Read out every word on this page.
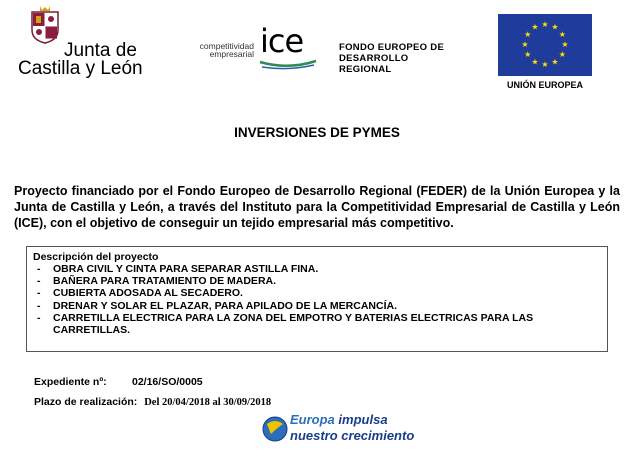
Junta de
Castilla y León
competitividad
empresarial ice	FONDO EUROPEO DE
DESARROLLO
REGIONAL
★ ★
★
★
★
★
★
★
★
★
★
★
UNIÓN EUROPEA
INVERSIONES DE PYMES
Proyecto financiado por el Fondo Europeo de Desarrollo Regional (FEDER) de la Unión Europea y la Junta de Castilla y León, a través del Instituto para la Competitividad Empresarial de Castilla y León (ICE), con el objetivo de conseguir un tejido empresarial más competitivo.
Descripción del proyecto
- OBRA CIVIL Y CINTA PARA SEPARAR ASTILLA FINA.
- BAÑERA PARA TRATAMIENTO DE MADERA.
- CUBIERTA ADOSADA AL SECADERO.
- DRENAR Y SOLAR EL PLAZAR, PARA APILADO DE LA MERCANCÍA.
- CARRETILLA ELECTRICA PARA LA ZONA DEL EMPOTRO Y BATERIAS ELECTRICAS PARA LAS CARRETILLAS.
Expediente nº: 02/16/SO/0005
Plazo de realización: Del 20/04/2018 al 30/09/2018
Europa impulsa
nuestro crecimiento
